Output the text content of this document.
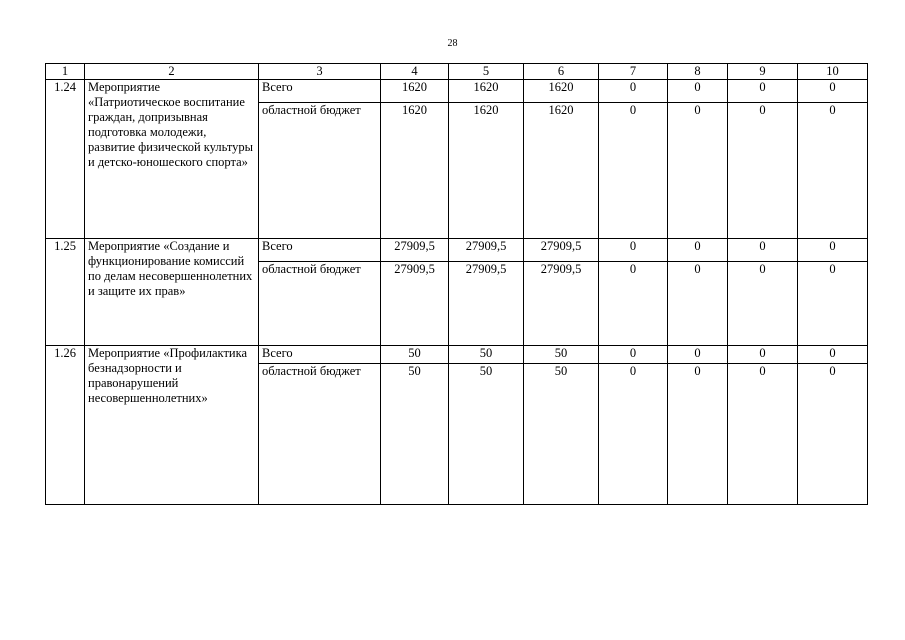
28
1	2	3	4	5	6	7	8	9	10
1.24	Мероприятие «Патриотическое воспитание граждан, допризывная подготовка молодежи, развитие физической культуры и детско-юношеского спорта»	Всего	1620	1620	1620	0	0	0	0
		областной бюджет	1620	1620	1620	0	0	0	0
1.25	Мероприятие «Создание и функционирование комиссий по делам несовершеннолетних и защите их прав»	Всего	27909,5	27909,5	27909,5	0	0	0	0
		областной бюджет	27909,5	27909,5	27909,5	0	0	0	0
1.26	Мероприятие «Профилактика безнадзорности и правонарушений несовершеннолетних»	Всего	50	50	50	0	0	0	0
		областной бюджет	50	50	50	0	0	0	0
